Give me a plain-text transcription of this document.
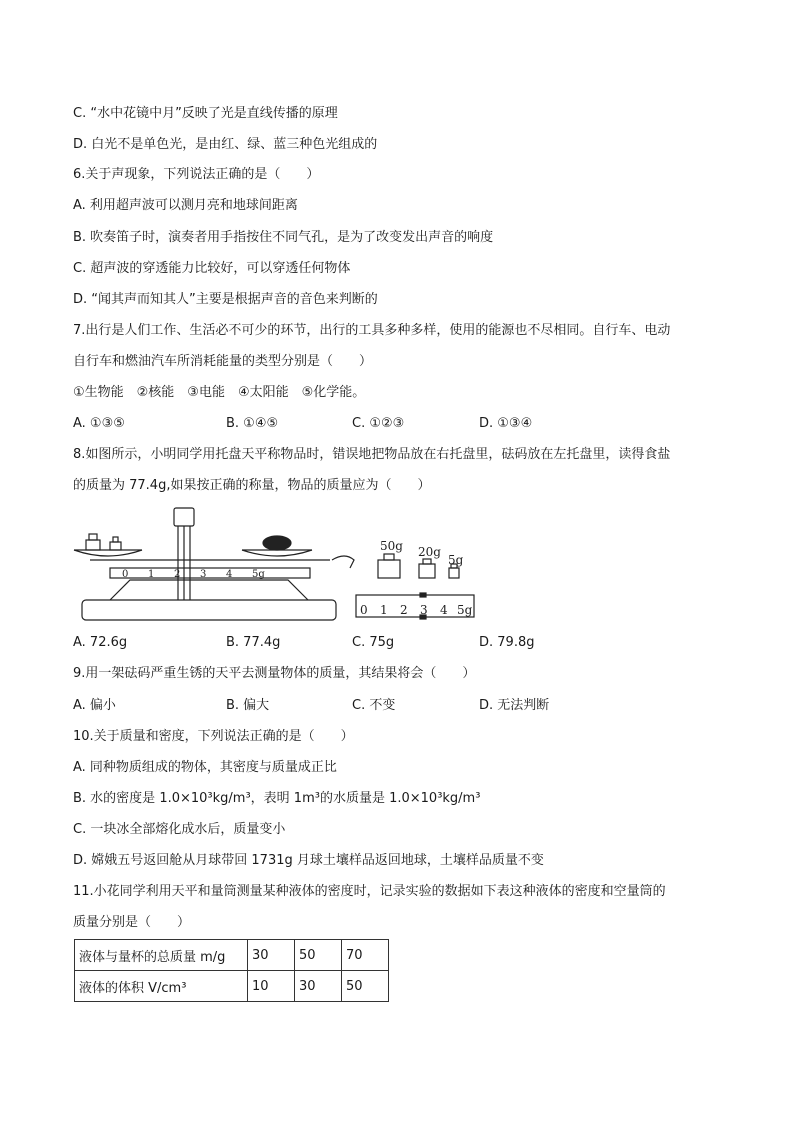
C. “水中花镜中月”反映了光是直线传播的原理
D. 白光不是单色光，是由红、绿、蓝三种色光组成的
6.关于声现象，下列说法正确的是（　　）
A. 利用超声波可以测月亮和地球间距离
B. 吹奏笛子时，演奏者用手指按住不同气孔，是为了改变发出声音的响度
C. 超声波的穿透能力比较好，可以穿透任何物体
D. “闻其声而知其人”主要是根据声音的音色来判断的
7.出行是人们工作、生活必不可少的环节，出行的工具多种多样，使用的能源也不尽相同。自行车、电动
自行车和燃油汽车所消耗能量的类型分别是（　　）
①生物能　②核能　③电能　④太阳能　⑤化学能。
A. ①③⑤	B. ①④⑤	C. ①②③	D. ①③④
8.如图所示，小明同学用托盘天平称物品时，错误地把物品放在右托盘里，砝码放在左托盘里，读得食盐
的质量为 77.4g,如果按正确的称量，物品的质量应为（　　）
0 1 2 3 4 5g
50g 20g
5g
0 1 2 3 4 5g
A. 72.6g	B. 77.4g	C. 75g	D. 79.8g
9.用一架砝码严重生锈的天平去测量物体的质量，其结果将会（　　）
A. 偏小	B. 偏大	C. 不变	D. 无法判断
10.关于质量和密度，下列说法正确的是（　　）
A. 同种物质组成的物体，其密度与质量成正比
B. 水的密度是 1.0×10³kg/m³，表明 1m³的水质量是 1.0×10³kg/m³
C. 一块冰全部熔化成水后，质量变小
D. 嫦娥五号返回舱从月球带回 1731g 月球土壤样品返回地球，土壤样品质量不变
11.小花同学利用天平和量筒测量某种液体的密度时，记录实验的数据如下表这种液体的密度和空量筒的
质量分别是（　　）
液体与量杯的总质量 m/g	30	50	70
液体的体积 V/cm³	10	30	50
